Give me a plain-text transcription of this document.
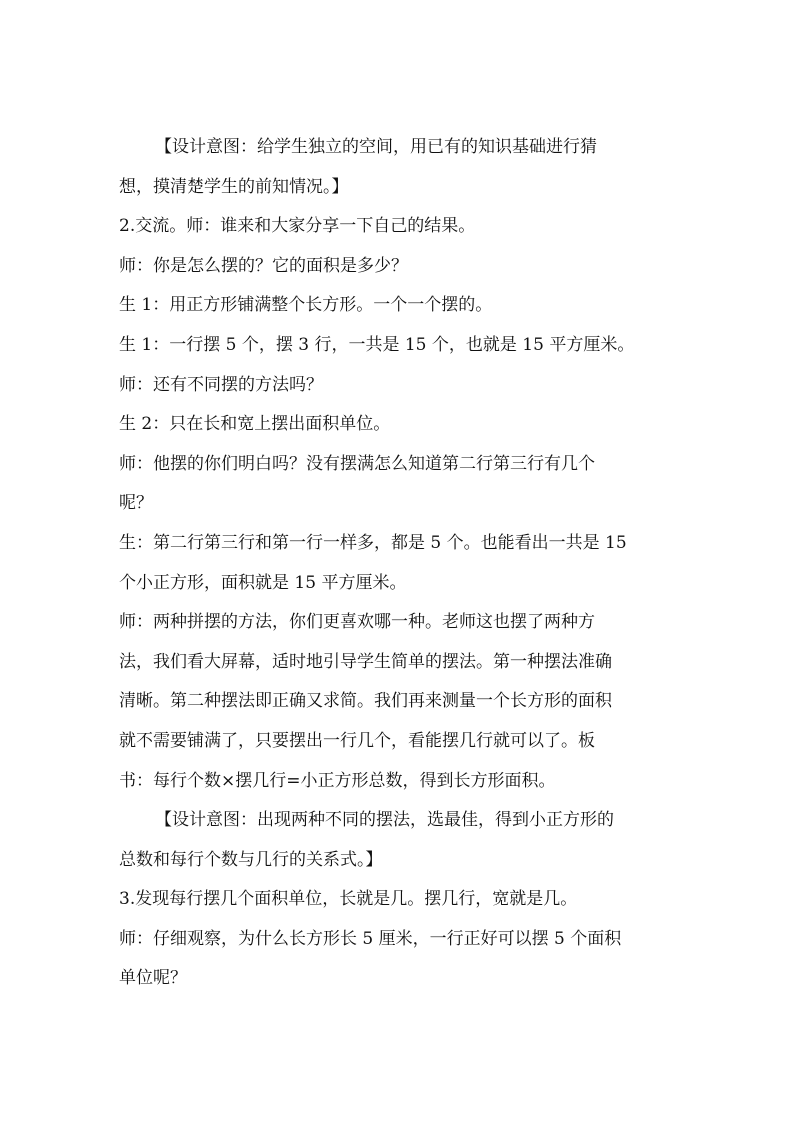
【设计意图：给学生独立的空间，用已有的知识基础进行猜

想，摸清楚学生的前知情况。】

2.交流。师：谁来和大家分享一下自己的结果。

师：你是怎么摆的？它的面积是多少？

生 1：用正方形铺满整个长方形。一个一个摆的。

生 1：一行摆 5 个，摆 3 行，一共是 15 个，也就是 15 平方厘米。

师：还有不同摆的方法吗？

生 2：只在长和宽上摆出面积单位。

师：他摆的你们明白吗？没有摆满怎么知道第二行第三行有几个

呢？

生：第二行第三行和第一行一样多，都是 5 个。也能看出一共是 15

个小正方形，面积就是 15 平方厘米。

师：两种拼摆的方法，你们更喜欢哪一种。老师这也摆了两种方

法，我们看大屏幕，适时地引导学生简单的摆法。第一种摆法准确

清晰。第二种摆法即正确又求简。我们再来测量一个长方形的面积

就不需要铺满了，只要摆出一行几个，看能摆几行就可以了。板

书：每行个数×摆几行=小正方形总数，得到长方形面积。

【设计意图：出现两种不同的摆法，选最佳，得到小正方形的

总数和每行个数与几行的关系式。】

3.发现每行摆几个面积单位，长就是几。摆几行，宽就是几。

师：仔细观察，为什么长方形长 5 厘米，一行正好可以摆 5 个面积

单位呢？
